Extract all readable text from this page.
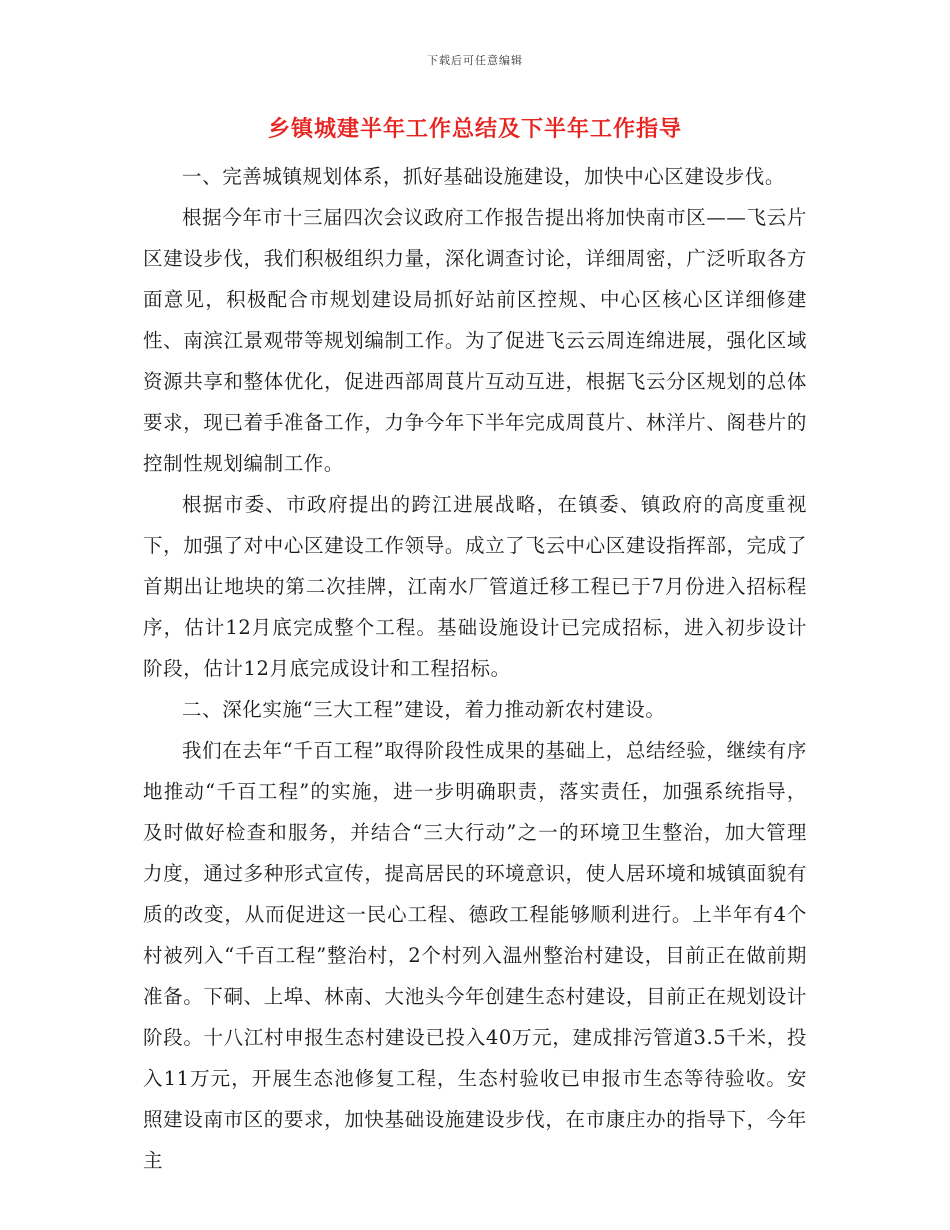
下载后可任意编辑
乡镇城建半年工作总结及下半年工作指导

一、完善城镇规划体系，抓好基础设施建设，加快中心区建设步伐。

根据今年市十三届四次会议政府工作报告提出将加快南市区——飞云片区建设步伐，我们积极组织力量，深化调查讨论，详细周密，广泛听取各方面意见，积极配合市规划建设局抓好站前区控规、中心区核心区详细修建性、南滨江景观带等规划编制工作。为了促进飞云云周连绵进展，强化区域资源共享和整体优化，促进西部周茛片互动互进，根据飞云分区规划的总体要求，现已着手准备工作，力争今年下半年完成周茛片、林洋片、阁巷片的控制性规划编制工作。

根据市委、市政府提出的跨江进展战略，在镇委、镇政府的高度重视下，加强了对中心区建设工作领导。成立了飞云中心区建设指挥部，完成了首期出让地块的第二次挂牌，江南水厂管道迁移工程已于7月份进入招标程序，估计12月底完成整个工程。基础设施设计已完成招标，进入初步设计阶段，估计12月底完成设计和工程招标。

二、深化实施“三大工程”建设，着力推动新农村建设。

我们在去年“千百工程”取得阶段性成果的基础上，总结经验，继续有序地推动“千百工程”的实施，进一步明确职责，落实责任，加强系统指导，及时做好检查和服务，并结合“三大行动”之一的环境卫生整治，加大管理力度，通过多种形式宣传，提高居民的环境意识，使人居环境和城镇面貌有质的改变，从而促进这一民心工程、德政工程能够顺利进行。上半年有4个村被列入“千百工程”整治村，2个村列入温州整治村建设，目前正在做前期准备。下硐、上埠、林南、大池头今年创建生态村建设，目前正在规划设计阶段。十八江村申报生态村建设已投入40万元，建成排污管道3.5千米，投入11万元，开展生态池修复工程，生态村验收已申报市生态等待验收。安照建设南市区的要求，加快基础设施建设步伐，在市康庄办的指导下，今年主
